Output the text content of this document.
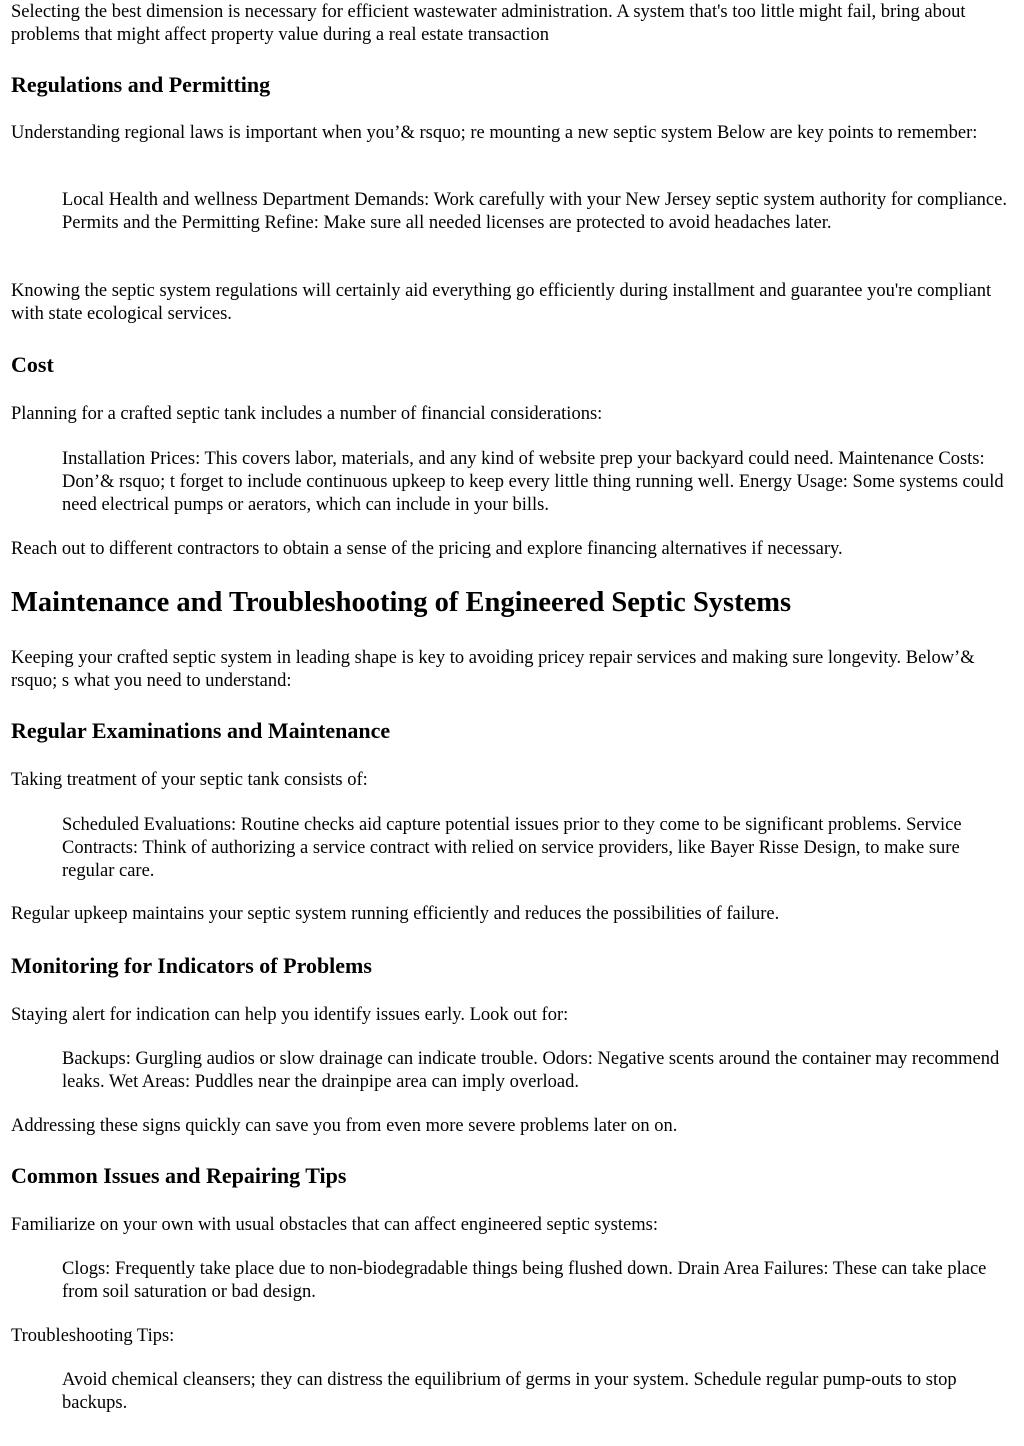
Selecting the best dimension is necessary for efficient wastewater administration. A system that's too little might fail, bring about problems that might affect property value during a real estate transaction

Regulations and Permitting

Understanding regional laws is important when you’& rsquo; re mounting a new septic system Below are key points to remember:

Local Health and wellness Department Demands: Work carefully with your New Jersey septic system authority for compliance. Permits and the Permitting Refine: Make sure all needed licenses are protected to avoid headaches later.

Knowing the septic system regulations will certainly aid everything go efficiently during installment and guarantee you're compliant with state ecological services.

Cost

Planning for a crafted septic tank includes a number of financial considerations:

Installation Prices: This covers labor, materials, and any kind of website prep your backyard could need. Maintenance Costs: Don’& rsquo; t forget to include continuous upkeep to keep every little thing running well. Energy Usage: Some systems could need electrical pumps or aerators, which can include in your bills.

Reach out to different contractors to obtain a sense of the pricing and explore financing alternatives if necessary.

Maintenance and Troubleshooting of Engineered Septic Systems

Keeping your crafted septic system in leading shape is key to avoiding pricey repair services and making sure longevity. Below’& rsquo; s what you need to understand:

Regular Examinations and Maintenance

Taking treatment of your septic tank consists of:

Scheduled Evaluations: Routine checks aid capture potential issues prior to they come to be significant problems. Service Contracts: Think of authorizing a service contract with relied on service providers, like Bayer Risse Design, to make sure regular care.

Regular upkeep maintains your septic system running efficiently and reduces the possibilities of failure.

Monitoring for Indicators of Problems

Staying alert for indication can help you identify issues early. Look out for:

Backups: Gurgling audios or slow drainage can indicate trouble. Odors: Negative scents around the container may recommend leaks. Wet Areas: Puddles near the drainpipe area can imply overload.

Addressing these signs quickly can save you from even more severe problems later on on.

Common Issues and Repairing Tips

Familiarize on your own with usual obstacles that can affect engineered septic systems:

Clogs: Frequently take place due to non-biodegradable things being flushed down. Drain Area Failures: These can take place from soil saturation or bad design.

Troubleshooting Tips:

Avoid chemical cleansers; they can distress the equilibrium of germs in your system. Schedule regular pump-outs to stop backups.
